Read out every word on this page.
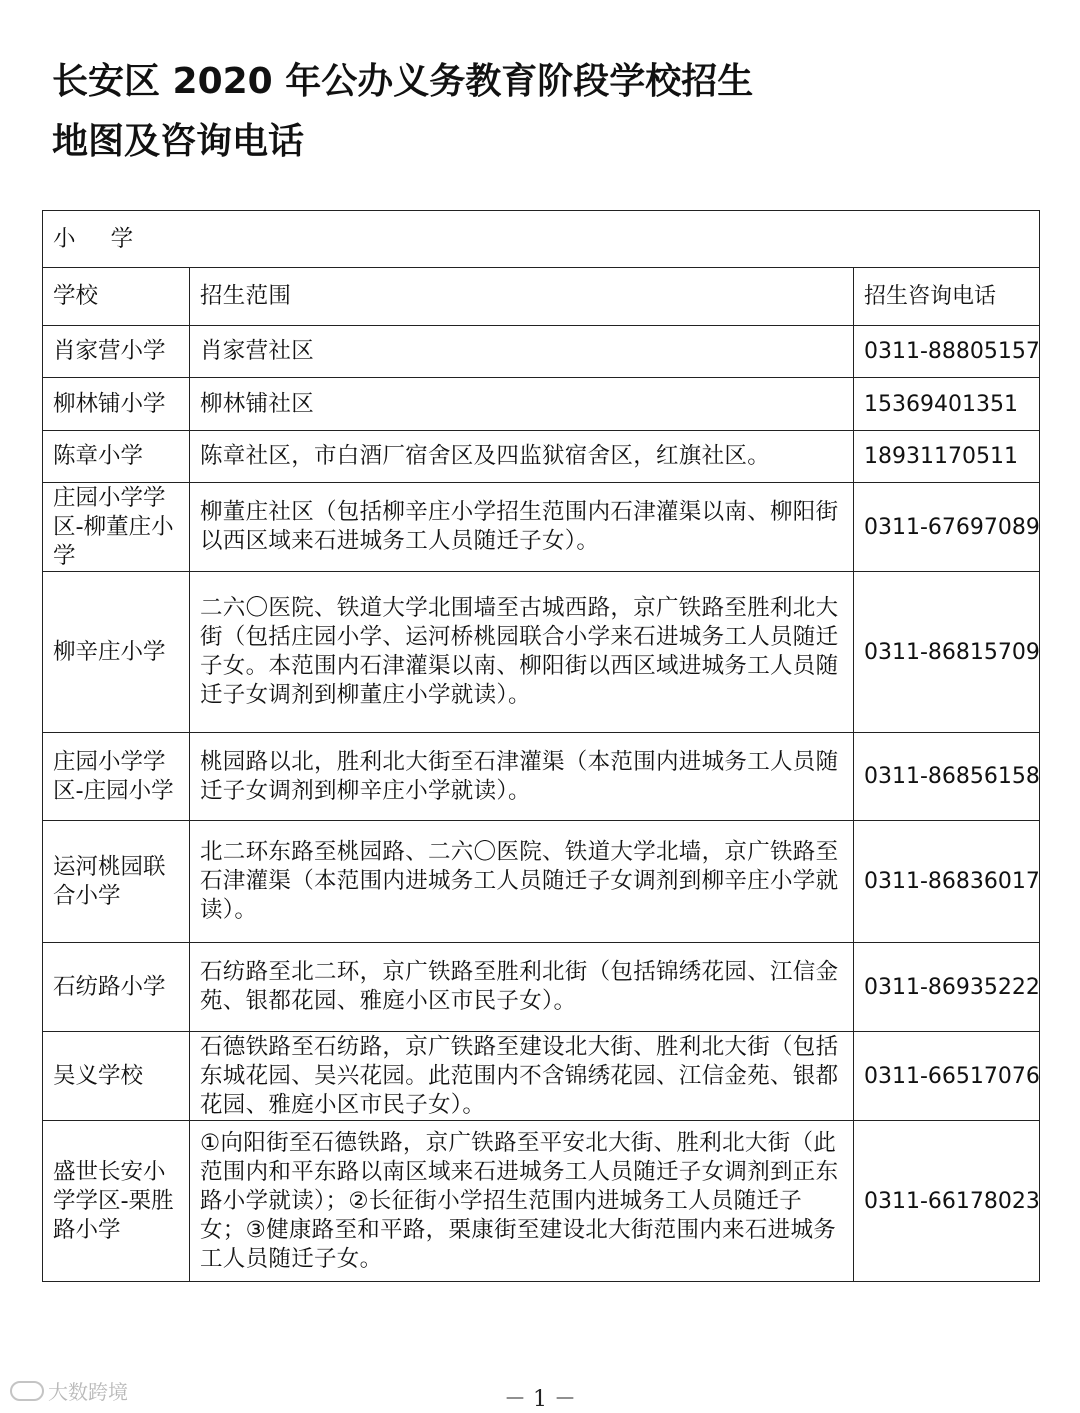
长安区 2020 年公办义务教育阶段学校招生
地图及咨询电话
小 学		
学校	招生范围	招生咨询电话
肖家营小学	肖家营社区	0311-88805157
柳林铺小学	柳林铺社区	15369401351
陈章小学	陈章社区，市白酒厂宿舍区及四监狱宿舍区，红旗社区。	18931170511
庄园小学学区-柳董庄小学	柳董庄社区（包括柳辛庄小学招生范围内石津灌渠以南、柳阳街以西区域来石进城务工人员随迁子女）。	0311-67697089
柳辛庄小学	二六〇医院、铁道大学北围墙至古城西路，京广铁路至胜利北大街（包括庄园小学、运河桥桃园联合小学来石进城务工人员随迁子女。本范围内石津灌渠以南、柳阳街以西区域进城务工人员随迁子女调剂到柳董庄小学就读）。	0311-86815709
庄园小学学区-庄园小学	桃园路以北，胜利北大街至石津灌渠（本范围内进城务工人员随迁子女调剂到柳辛庄小学就读）。	0311-86856158
运河桃园联合小学	北二环东路至桃园路、二六〇医院、铁道大学北墙，京广铁路至石津灌渠（本范围内进城务工人员随迁子女调剂到柳辛庄小学就读）。	0311-86836017
石纺路小学	石纺路至北二环，京广铁路至胜利北街（包括锦绣花园、江信金苑、银都花园、雅庭小区市民子女）。	0311-86935222
吴义学校	石德铁路至石纺路，京广铁路至建设北大街、胜利北大街（包括东城花园、吴兴花园。此范围内不含锦绣花园、江信金苑、银都花园、雅庭小区市民子女）。	0311-66517076
盛世长安小学学区-栗胜路小学	①向阳街至石德铁路，京广铁路至平安北大街、胜利北大街（此范围内和平东路以南区域来石进城务工人员随迁子女调剂到正东路小学就读）；②长征街小学招生范围内进城务工人员随迁子女；③健康路至和平路，栗康街至建设北大街范围内来石进城务工人员随迁子女。	0311-66178023
大数跨境	－ 1 －
